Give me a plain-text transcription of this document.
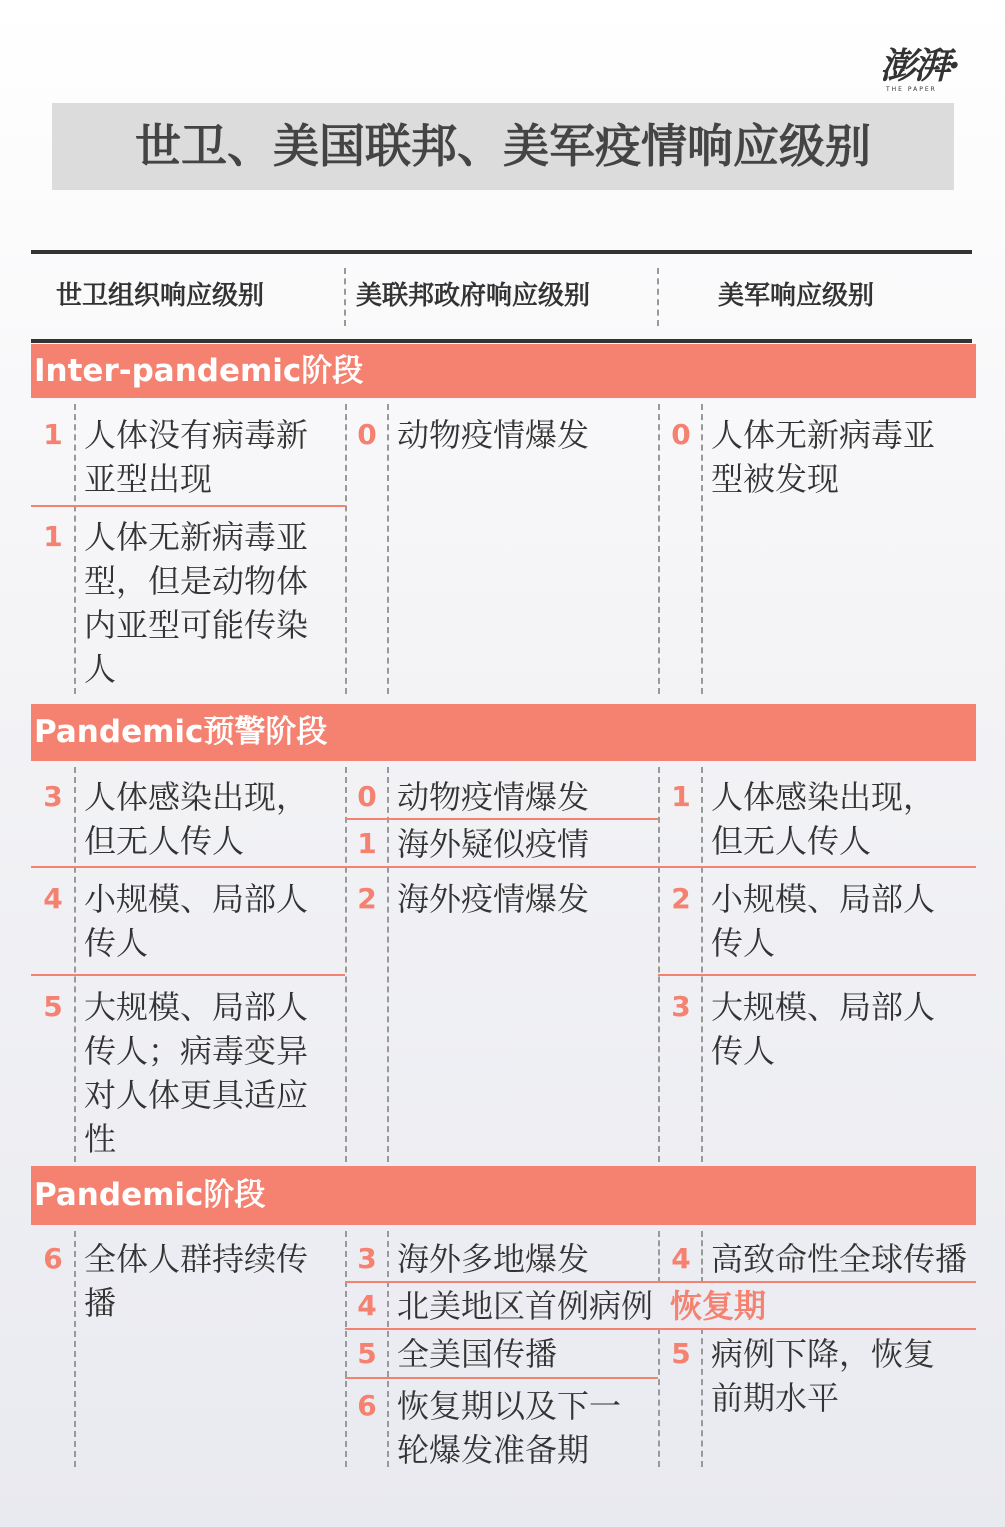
澎湃·
THE PAPER
世卫、美国联邦、美军疫情响应级别
世卫组织响应级别	美联邦政府响应级别	美军响应级别
Inter-pandemic阶段
Pandemic预警阶段
Pandemic阶段
1 人体没有病毒新亚型出现
1 人体无新病毒亚型，但是动物体内亚型可能传染人
3 人体感染出现，但无人传人
4 小规模、局部人传人
5 大规模、局部人传人；病毒变异对人体更具适应性
6 全体人群持续传播
0 动物疫情爆发
0 动物疫情爆发
1 海外疑似疫情
2 海外疫情爆发
3 海外多地爆发
4 北美地区首例病例
5 全美国传播
6 恢复期以及下一轮爆发准备期
0 人体无新病毒亚型被发现
1 人体感染出现，但无人传人
2 小规模、局部人传人
3 大规模、局部人传人
4 高致命性全球传播
恢复期
5 病例下降，恢复前期水平
